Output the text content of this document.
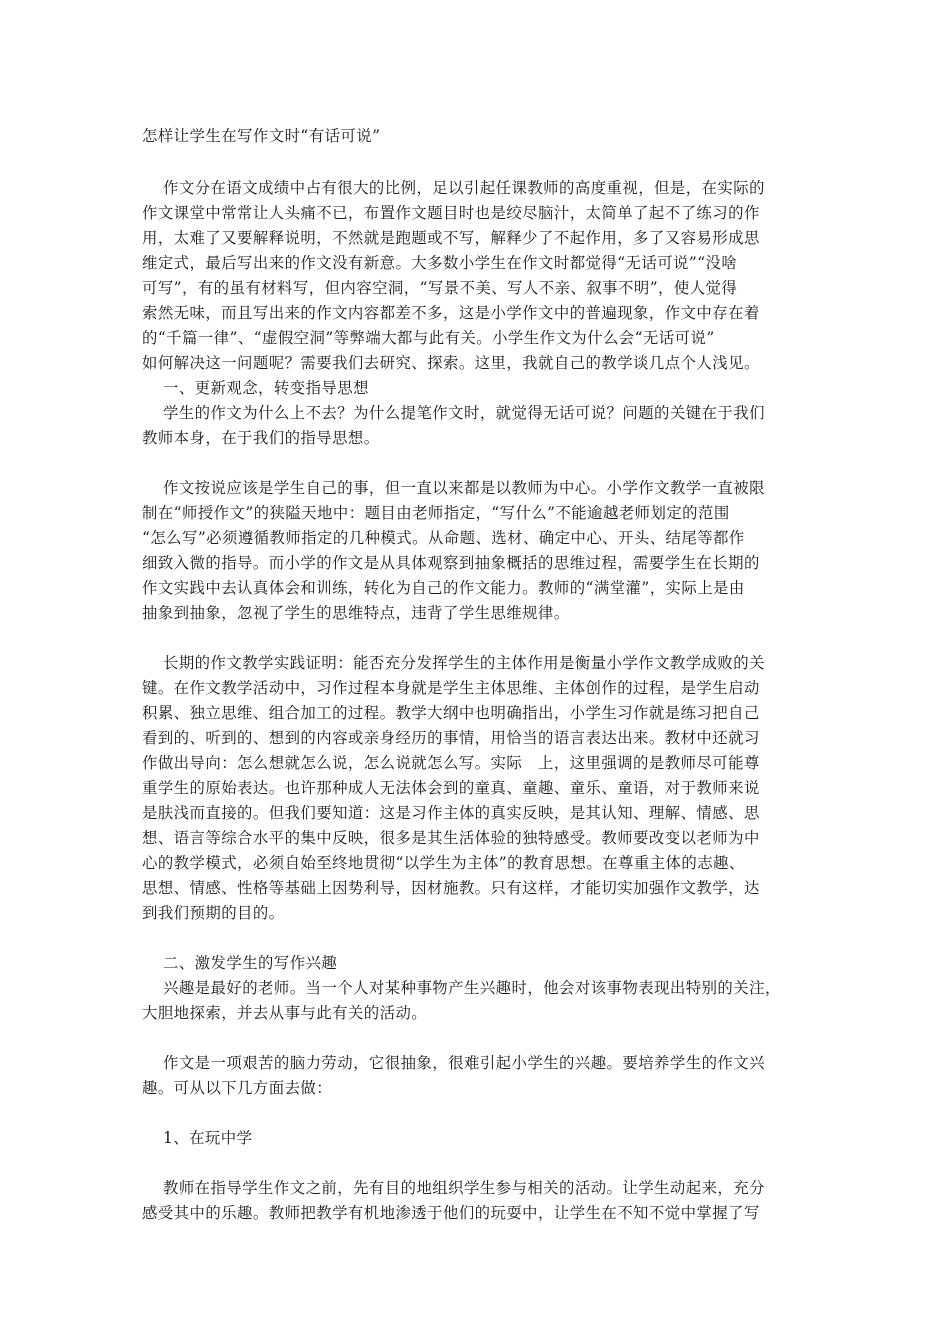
怎样让学生在写作文时“有话可说”
作文分在语文成绩中占有很大的比例，足以引起任课教师的高度重视，但是，在实际的
作文课堂中常常让人头痛不已，布置作文题目时也是绞尽脑汁，太简单了起不了练习的作
用，太难了又要解释说明，不然就是跑题或不写，解释少了不起作用，多了又容易形成思
维定式，最后写出来的作文没有新意。大多数小学生在作文时都觉得“无话可说”“没啥
可写”，有的虽有材料写，但内容空洞，“写景不美、写人不亲、叙事不明”，使人觉得
索然无味，而且写出来的作文内容都差不多，这是小学作文中的普遍现象，作文中存在着
的“千篇一律”、“虚假空洞”等弊端大都与此有关。小学生作文为什么会“无话可说”
如何解决这一问题呢？需要我们去研究、探索。这里，我就自己的教学谈几点个人浅见。
一、更新观念，转变指导思想
学生的作文为什么上不去？为什么提笔作文时，就觉得无话可说？问题的关键在于我们
教师本身，在于我们的指导思想。
作文按说应该是学生自己的事，但一直以来都是以教师为中心。小学作文教学一直被限
制在“师授作文”的狭隘天地中：题目由老师指定，“写什么”不能逾越老师划定的范围
“怎么写”必须遵循教师指定的几种模式。从命题、选材、确定中心、开头、结尾等都作
细致入微的指导。而小学的作文是从具体观察到抽象概括的思维过程，需要学生在长期的
作文实践中去认真体会和训练，转化为自己的作文能力。教师的“满堂灌”，实际上是由
抽象到抽象，忽视了学生的思维特点，违背了学生思维规律。
长期的作文教学实践证明：能否充分发挥学生的主体作用是衡量小学作文教学成败的关
键。在作文教学活动中，习作过程本身就是学生主体思维、主体创作的过程，是学生启动
积累、独立思维、组合加工的过程。教学大纲中也明确指出，小学生习作就是练习把自己
看到的、听到的、想到的内容或亲身经历的事情，用恰当的语言表达出来。教材中还就习
作做出导向：怎么想就怎么说，怎么说就怎么写。实际　上，这里强调的是教师尽可能尊
重学生的原始表达。也许那种成人无法体会到的童真、童趣、童乐、童语，对于教师来说
是肤浅而直接的。但我们要知道：这是习作主体的真实反映，是其认知、理解、情感、思
想、语言等综合水平的集中反映，很多是其生活体验的独特感受。教师要改变以老师为中
心的教学模式，必须自始至终地贯彻“以学生为主体”的教育思想。在尊重主体的志趣、
思想、情感、性格等基础上因势利导，因材施教。只有这样，才能切实加强作文教学，达
到我们预期的目的。
二、激发学生的写作兴趣
兴趣是最好的老师。当一个人对某种事物产生兴趣时，他会对该事物表现出特别的关注，
大胆地探索，并去从事与此有关的活动。
作文是一项艰苦的脑力劳动，它很抽象，很难引起小学生的兴趣。要培养学生的作文兴
趣。可从以下几方面去做：
1、在玩中学
教师在指导学生作文之前，先有目的地组织学生参与相关的活动。让学生动起来，充分
感受其中的乐趣。教师把教学有机地渗透于他们的玩耍中，让学生在不知不觉中掌握了写
